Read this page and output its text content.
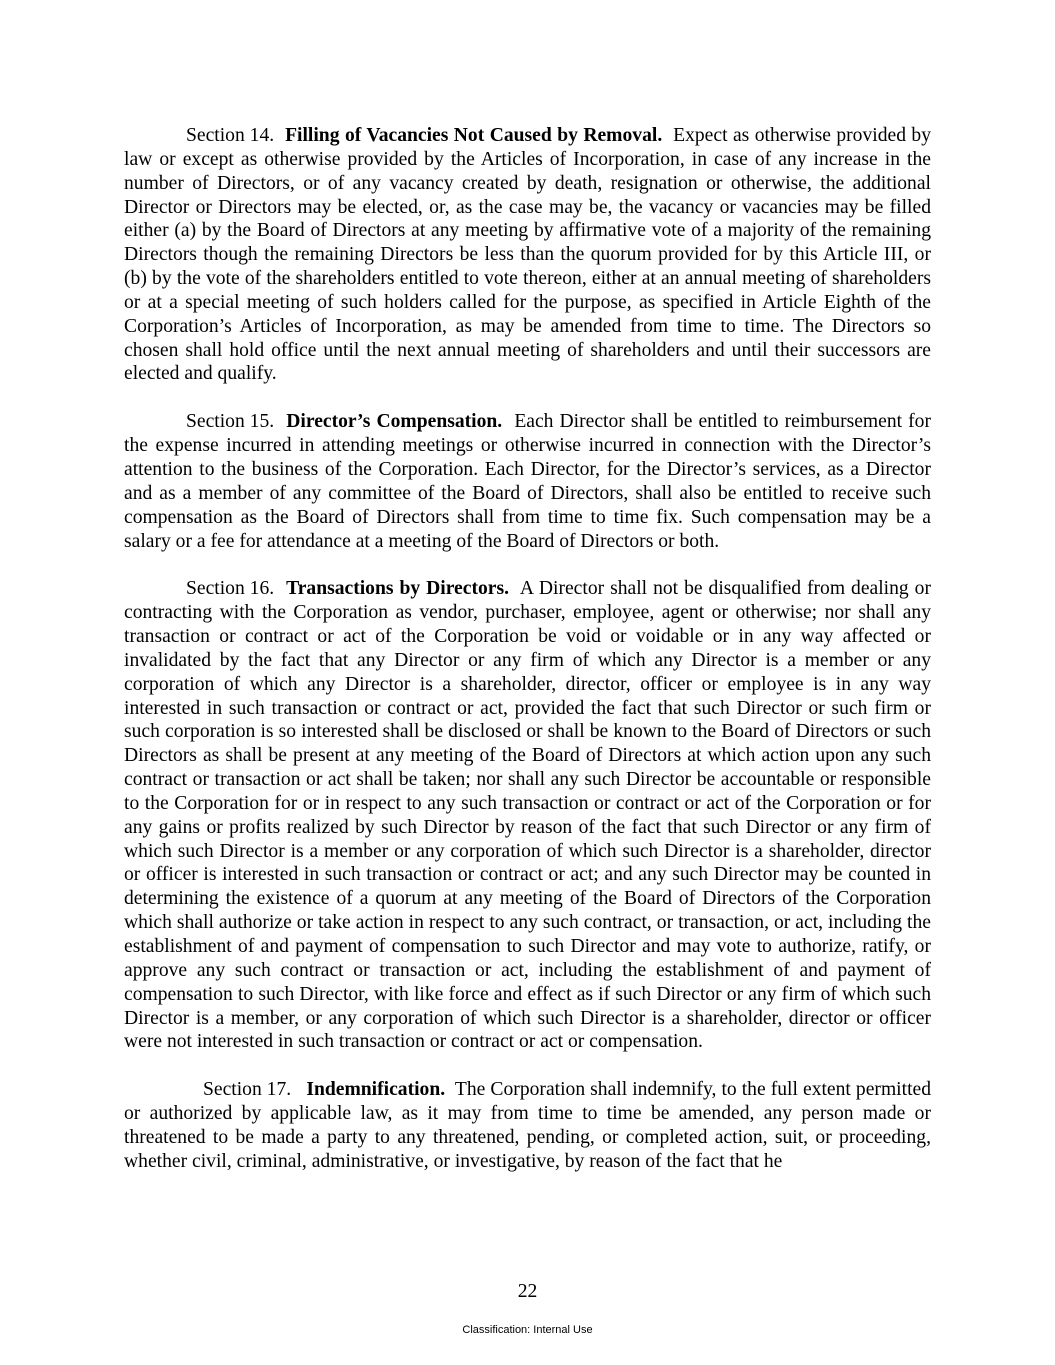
Section 14. Filling of Vacancies Not Caused by Removal. Expect as otherwise provided by law or except as otherwise provided by the Articles of Incorporation, in case of any increase in the number of Directors, or of any vacancy created by death, resignation or otherwise, the additional Director or Directors may be elected, or, as the case may be, the vacancy or vacancies may be filled either (a) by the Board of Directors at any meeting by affirmative vote of a majority of the remaining Directors though the remaining Directors be less than the quorum provided for by this Article III, or (b) by the vote of the shareholders entitled to vote thereon, either at an annual meeting of shareholders or at a special meeting of such holders called for the purpose, as specified in Article Eighth of the Corporation’s Articles of Incorporation, as may be amended from time to time. The Directors so chosen shall hold office until the next annual meeting of shareholders and until their successors are elected and qualify.

Section 15. Director’s Compensation. Each Director shall be entitled to reimbursement for the expense incurred in attending meetings or otherwise incurred in connection with the Director’s attention to the business of the Corporation. Each Director, for the Director’s services, as a Director and as a member of any committee of the Board of Directors, shall also be entitled to receive such compensation as the Board of Directors shall from time to time fix. Such compensation may be a salary or a fee for attendance at a meeting of the Board of Directors or both.

Section 16. Transactions by Directors. A Director shall not be disqualified from dealing or contracting with the Corporation as vendor, purchaser, employee, agent or otherwise; nor shall any transaction or contract or act of the Corporation be void or voidable or in any way affected or invalidated by the fact that any Director or any firm of which any Director is a member or any corporation of which any Director is a shareholder, director, officer or employee is in any way interested in such transaction or contract or act, provided the fact that such Director or such firm or such corporation is so interested shall be disclosed or shall be known to the Board of Directors or such Directors as shall be present at any meeting of the Board of Directors at which action upon any such contract or transaction or act shall be taken; nor shall any such Director be accountable or responsible to the Corporation for or in respect to any such transaction or contract or act of the Corporation or for any gains or profits realized by such Director by reason of the fact that such Director or any firm of which such Director is a member or any corporation of which such Director is a shareholder, director or officer is interested in such transaction or contract or act; and any such Director may be counted in determining the existence of a quorum at any meeting of the Board of Directors of the Corporation which shall authorize or take action in respect to any such contract, or transaction, or act, including the establishment of and payment of compensation to such Director and may vote to authorize, ratify, or approve any such contract or transaction or act, including the establishment of and payment of compensation to such Director, with like force and effect as if such Director or any firm of which such Director is a member, or any corporation of which such Director is a shareholder, director or officer were not interested in such transaction or contract or act or compensation.

Section 17. Indemnification. The Corporation shall indemnify, to the full extent permitted or authorized by applicable law, as it may from time to time be amended, any person made or threatened to be made a party to any threatened, pending, or completed action, suit, or proceeding, whether civil, criminal, administrative, or investigative, by reason of the fact that he

22
Classification: Internal Use
